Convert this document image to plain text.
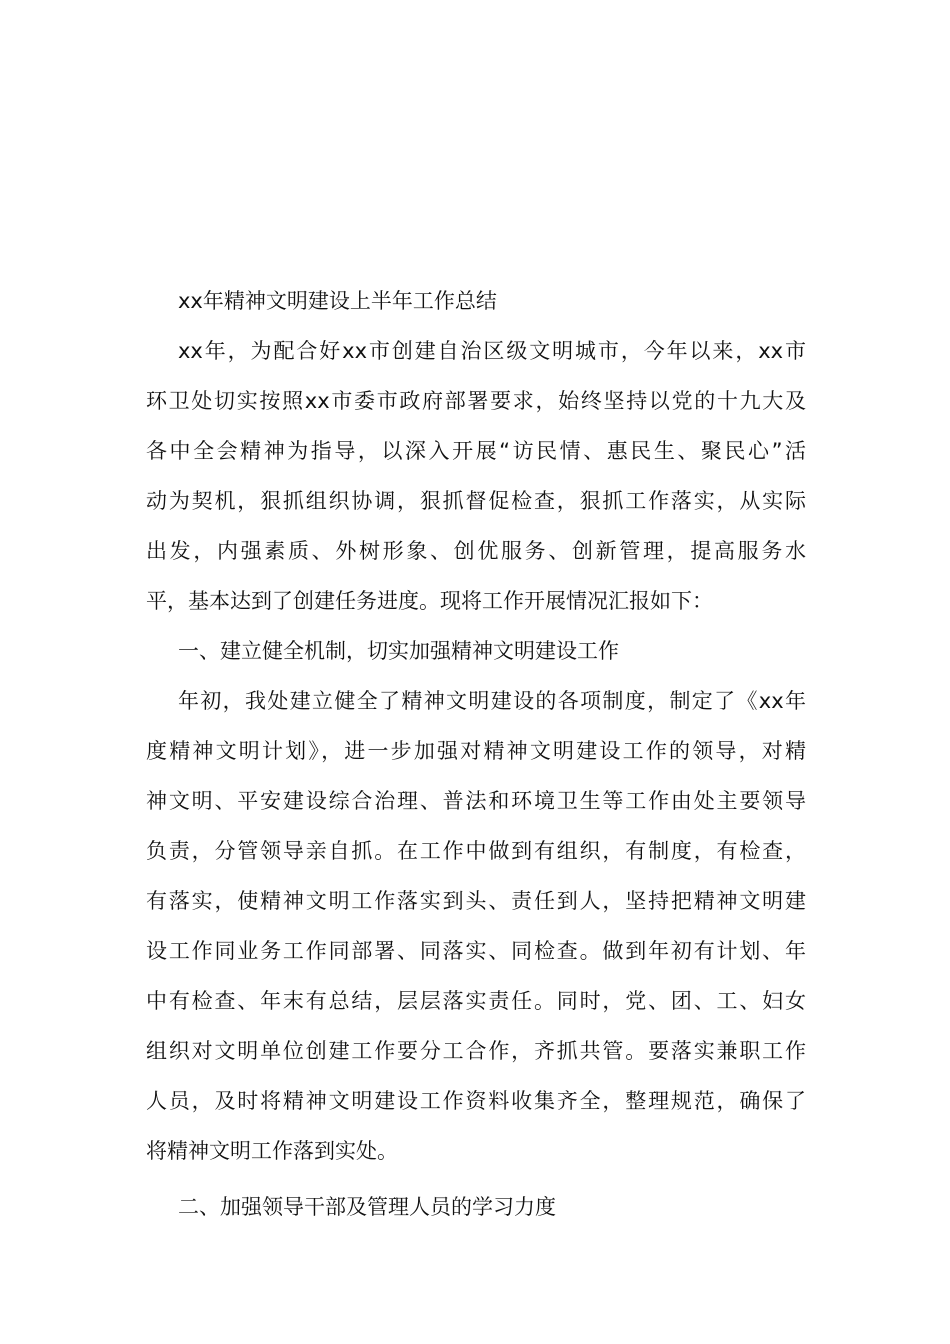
xx年精神文明建设上半年工作总结
xx年，为配合好xx市创建自治区级文明城市，今年以来，xx市
环卫处切实按照xx市委市政府部署要求，始终坚持以党的十九大及
各中全会精神为指导，以深入开展“访民情、惠民生、聚民心”活
动为契机，狠抓组织协调，狠抓督促检查，狠抓工作落实，从实际
出发，内强素质、外树形象、创优服务、创新管理，提高服务水
平，基本达到了创建任务进度。现将工作开展情况汇报如下：
一、建立健全机制，切实加强精神文明建设工作
年初，我处建立健全了精神文明建设的各项制度，制定了《xx年
度精神文明计划》，进一步加强对精神文明建设工作的领导，对精
神文明、平安建设综合治理、普法和环境卫生等工作由处主要领导
负责，分管领导亲自抓。在工作中做到有组织，有制度，有检查，
有落实，使精神文明工作落实到头、责任到人，坚持把精神文明建
设工作同业务工作同部署、同落实、同检查。做到年初有计划、年
中有检查、年末有总结，层层落实责任。同时，党、团、工、妇女
组织对文明单位创建工作要分工合作，齐抓共管。要落实兼职工作
人员，及时将精神文明建设工作资料收集齐全，整理规范，确保了
将精神文明工作落到实处。
二、加强领导干部及管理人员的学习力度
